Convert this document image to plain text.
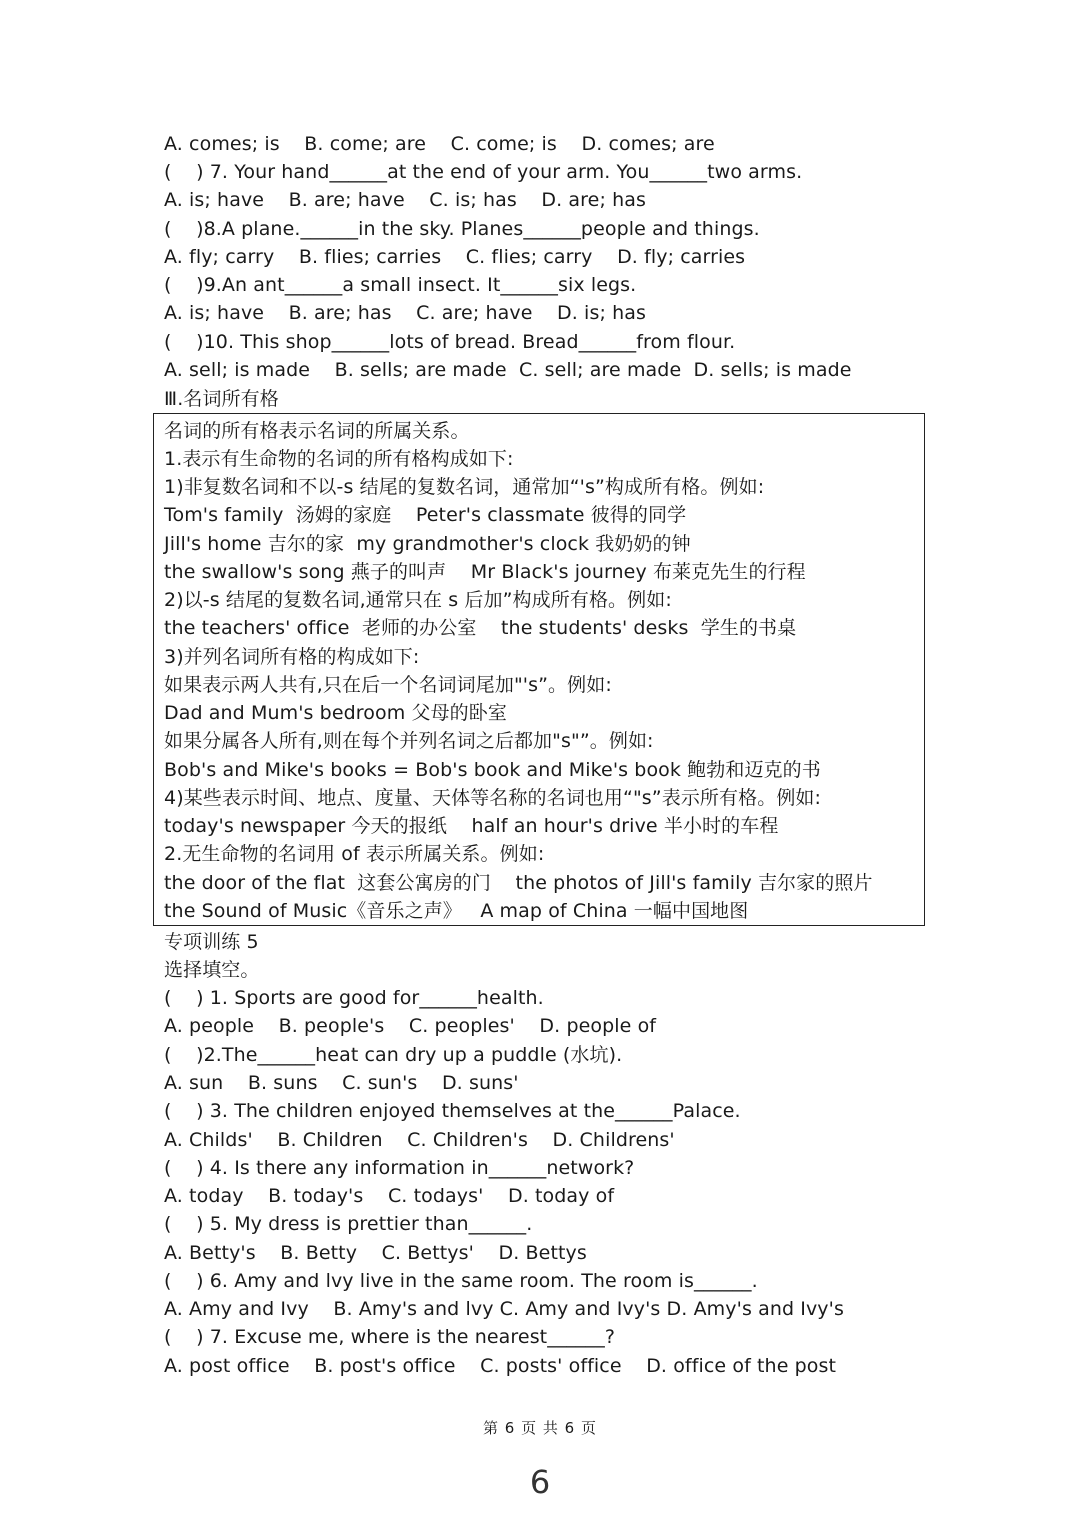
A. comes; is    B. come; are    C. come; is    D. comes; are
(    ) 7. Your hand______at the end of your arm. You______two arms.
A. is; have    B. are; have    C. is; has    D. are; has
(    )8.A plane.______in the sky. Planes______people and things.
A. fly; carry    B. flies; carries    C. flies; carry    D. fly; carries
(    )9.An ant______a small insect. It______six legs.
A. is; have    B. are; has    C. are; have    D. is; has
(    )10. This shop______lots of bread. Bread______from flour.
A. sell; is made    B. sells; are made  C. sell; are made  D. sells; is made
Ⅲ.名词所有格
名词的所有格表示名词的所属关系。
1.表示有生命物的名词的所有格构成如下:
1)非复数名词和不以-s 结尾的复数名词，通常加“'s”构成所有格。例如:
Tom's family  汤姆的家庭    Peter's classmate 彼得的同学
Jill's home 吉尔的家  my grandmother's clock 我奶奶的钟
the swallow's song 燕子的叫声    Mr Black's journey 布莱克先生的行程
2)以-s 结尾的复数名词,通常只在 s 后加”构成所有格。例如:
the teachers' office  老师的办公室    the students' desks  学生的书桌
3)并列名词所有格的构成如下:
如果表示两人共有,只在后一个名词词尾加"'s”。例如:
Dad and Mum's bedroom 父母的卧室
如果分属各人所有,则在每个并列名词之后都加"s"”。例如:
Bob's and Mike's books = Bob's book and Mike's book 鲍勃和迈克的书
4)某些表示时间、地点、度量、天体等名称的名词也用“"s”表示所有格。例如:
today's newspaper 今天的报纸    half an hour's drive 半小时的车程
2.无生命物的名词用 of 表示所属关系。例如:
the door of the flat  这套公寓房的门    the photos of Jill's family 吉尔家的照片
the Sound of Music《音乐之声》   A map of China 一幅中国地图
专项训练 5
选择填空。
(    ) 1. Sports are good for______health.
A. people    B. people's    C. peoples'    D. people of
(    )2.The______heat can dry up a puddle (水坑).
A. sun    B. suns    C. sun's    D. suns'
(    ) 3. The children enjoyed themselves at the______Palace.
A. Childs'    B. Children    C. Children's    D. Childrens'
(    ) 4. Is there any information in______network?
A. today    B. today's    C. todays'    D. today of
(    ) 5. My dress is prettier than______.
A. Betty's    B. Betty    C. Bettys'    D. Bettys
(    ) 6. Amy and lvy live in the same room. The room is______.
A. Amy and Ivy    B. Amy's and lvy C. Amy and Ivy's D. Amy's and Ivy's
(    ) 7. Excuse me, where is the nearest______?
A. post office    B. post's office    C. posts' office    D. office of the post
第 6 页 共 6 页
6
